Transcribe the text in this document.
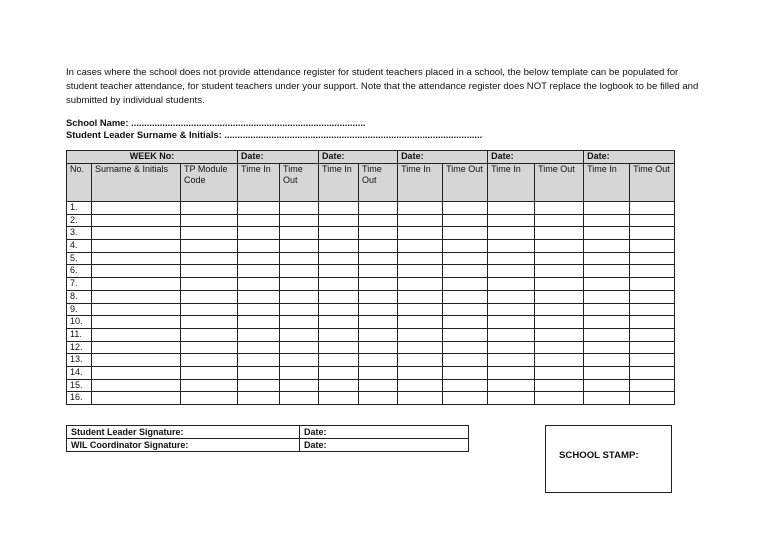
In cases where the school does not provide attendance register for student teachers placed in a school, the below template can be populated for student teacher attendance, for student teachers under your support. Note that the attendance register does NOT replace the logbook to be filled and submitted by individual students.

School Name: ..........................................................................................
Student Leader Surname & Initials: ...................................................................................................
WEEK No:			Date:		Date:		Date:		Date:		Date:	
No.	Surname & Initials	TP Module Code	Time In	Time Out	Time In	Time Out	Time In	Time Out	Time In	Time Out	Time In	Time Out
1.												
2.												
3.												
4.												
5.												
6.												
7.												
8.												
9.												
10.												
11.												
12.												
13.												
14.												
15.												
16.												
Student Leader Signature:	Date:
WIL Coordinator Signature:	Date:
SCHOOL STAMP:
